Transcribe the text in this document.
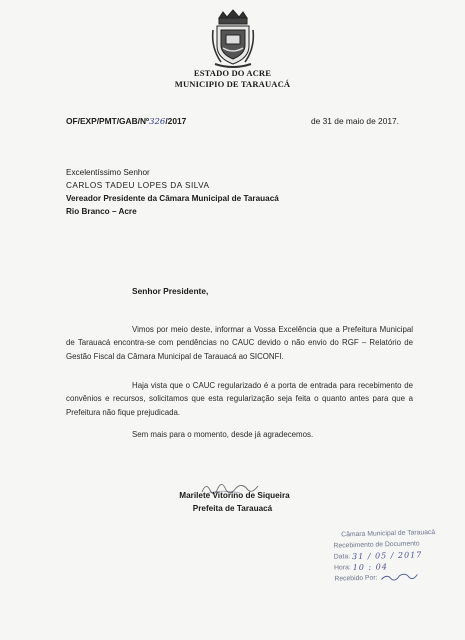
ESTADO DO ACRE
MUNICIPIO DE TARAUACÁ
OF/EXP/PMT/GAB/Nº326/2017	de 31 de maio de 2017.
Excelentíssimo Senhor
CARLOS TADEU LOPES DA SILVA
Vereador Presidente da Câmara Municipal de Tarauacá
Rio Branco – Acre
Senhor Presidente,
Vimos por meio deste, informar a Vossa Excelência que a Prefeitura Municipal de Tarauacá encontra-se com pendências no CAUC devido o não envio do RGF – Relatório de Gestão Fiscal da Câmara Municipal de Tarauacá ao SICONFI.
Haja vista que o CAUC regularizado é a porta de entrada para recebimento de convênios e recursos, solicitamos que esta regularização seja feita o quanto antes para que a Prefeitura não fique prejudicada.
Sem mais para o momento, desde já agradecemos.
Marilete Vitorino de Siqueira
Prefeita de Tarauacá
Câmara Municipal de Tarauacá
Recebimento de Documento
Data: 31 / 05 / 2017
Hora: 10 : 04
Recebido Por:
